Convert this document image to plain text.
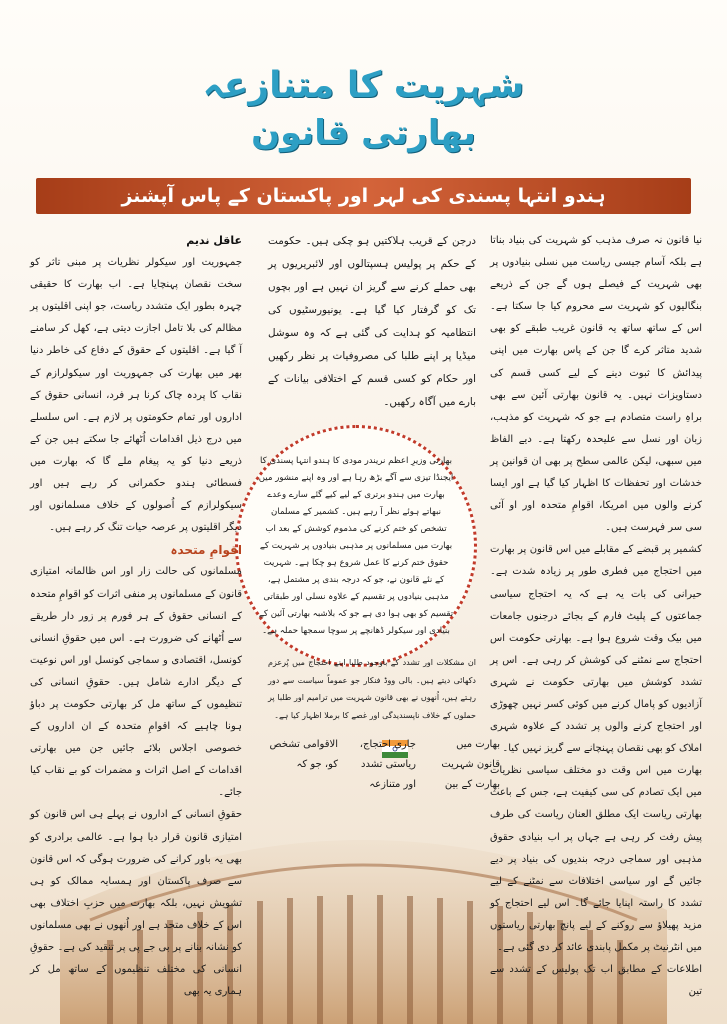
شہریت کا متنازعہ
بھارتی قانون
ہندو انتہا پسندی کی لہر اور پاکستان کے پاس آپشنز

نیا قانون نہ صرف مذہب کو شہریت کی بنیاد بناتا ہے بلکہ آسام جیسی ریاست میں نسلی بنیادوں پر بھی شہریت کے فیصلے ہوں گے جن کے ذریعے بنگالیوں کو شہریت سے محروم کیا جا سکتا ہے۔ اس کے ساتھ ساتھ یہ قانون غریب طبقے کو بھی شدید متاثر کرے گا جن کے پاس بھارت میں اپنی پیدائش کا ثبوت دینے کے لیے کسی قسم کی دستاویزات نہیں۔ یہ قانون بھارتی آئین سے بھی براہِ راست متصادم ہے جو کہ شہریت کو مذہب، زبان اور نسل سے علیحدہ رکھتا ہے۔ دیے الفاظ میں سبھی، لیکن عالمی سطح پر بھی ان قوانین پر خدشات اور تحفظات کا اظہار کیا گیا ہے اور ایسا کرنے والوں میں امریکا، اقوامِ متحدہ اور او آئی سی سر فہرست ہیں۔

کشمیر پر قبضے کے مقابلے میں اس قانون پر بھارت میں احتجاج میں فطری طور پر زیادہ شدت ہے۔ حیرانی کی بات یہ ہے کہ یہ احتجاج سیاسی جماعتوں کے پلیٹ فارم کے بجائے درجنوں جامعات میں بیک وقت شروع ہوا ہے۔ بھارتی حکومت اس احتجاج سے نمٹنے کی کوشش کر رہی ہے۔ اس پر تشدد کوشش میں بھارتی حکومت نے شہری آزادیوں کو پامال کرنے میں کوئی کسر نہیں چھوڑی اور احتجاج کرنے والوں پر تشدد کے علاوہ شہری املاک کو بھی نقصان پہنچانے سے گریز نہیں کیا۔

بھارت میں اس وقت دو مختلف سیاسی نظریات میں ایک تصادم کی سی کیفیت ہے، جس کے باعث بھارتی ریاست ایک مطلق العنان ریاست کی طرف پیش رفت کر رہی ہے جہاں پر اب بنیادی حقوق مذہبی اور سماجی درجہ بندیوں کی بنیاد پر دیے جائیں گے اور سیاسی اختلافات سے نمٹنے کے لیے تشدد کا راستہ اپنایا جائے گا۔ اس لیے احتجاج کو مزید پھیلاؤ سے روکنے کے لیے پانچ بھارتی ریاستوں میں انٹرنیٹ پر مکمل پابندی عائد کر دی گئی ہے۔

اطلاعات کے مطابق اب تک پولیس کے تشدد سے تین

درجن کے قریب ہلاکتیں ہو چکی ہیں۔ حکومت کے حکم پر پولیس ہسپتالوں اور لائبریریوں پر بھی حملے کرنے سے گریز ان نہیں ہے اور بچوں تک کو گرفتار کیا گیا ہے۔ یونیورسٹیوں کی انتظامیہ کو ہدایت کی گئی ہے کہ وہ سوشل میڈیا پر اپنے طلبا کی مصروفیات پر نظر رکھیں اور حکام کو کسی قسم کے اختلافی بیانات کے بارے میں آگاہ رکھیں۔

بھارتی وزیرِ اعظم نریندر مودی کا ہندو انتہا پسندی کا ایجنڈا تیزی سے آگے بڑھ رہا ہے اور وہ اپنے منشور میں بھارت میں ہندو برتری کے لیے کیے گئے سارے وعدے نبھاتے ہوئے نظر آ رہے ہیں۔ کشمیر کے مسلمان تشخص کو ختم کرنے کی مذموم کوشش کے بعد اب بھارت میں مسلمانوں پر مذہبی بنیادوں پر شہریت کے حقوق ختم کرنے کا عمل شروع ہو چکا ہے۔ شہریت کے نئے قانون نے، جو کہ درجہ بندی پر مشتمل ہے، مذہبی بنیادوں پر تقسیم کے علاوہ نسلی اور طبقاتی تقسیم کو بھی ہوا دی ہے جو کہ بلاشبہ بھارتی آئین کے بنیادی اور سیکولر ڈھانچے پر سوچا سمجھا حملہ ہے۔

ان مشکلات اور تشدد کے باوجود طلبا اپنے احتجاج میں پُرعزم دکھائی دیتے ہیں۔ بالی ووڈ فنکار جو عموماً سیاست سے دور رہتے ہیں، اُنھوں نے بھی قانون شہریت میں ترامیم اور طلبا پر حملوں کے خلاف ناپسندیدگی اور غصے کا برملا اظہار کیا ہے۔

بھارت میں قانون شہریت بھارت کے بین
جاری احتجاج، ریاستی تشدد اور متنازعہ
الاقوامی تشخص کو، جو کہ

عاقل ندیم

جمہوریت اور سیکولر نظریات پر مبنی تاثر کو سخت نقصان پہنچایا ہے۔ اب بھارت کا حقیقی چہرہ بطور ایک متشدد ریاست، جو اپنی اقلیتوں پر مظالم کی بلا تامل اجازت دیتی ہے، کھل کر سامنے آ گیا ہے۔ اقلیتوں کے حقوق کے دفاع کی خاطر دنیا بھر میں بھارت کی جمہوریت اور سیکولرازم کے نقاب کا پردہ چاک کرنا ہر فرد، انسانی حقوق کے اداروں اور تمام حکومتوں پر لازم ہے۔ اس سلسلے میں درج ذیل اقدامات اُٹھائے جا سکتے ہیں جن کے ذریعے دنیا کو یہ پیغام ملے گا کہ بھارت میں فسطائی ہندو حکمرانی کر رہے ہیں اور سیکولرازم کے اُصولوں کے خلاف مسلمانوں اور دیگر اقلیتوں پر عرصہ حیات تنگ کر رہے ہیں۔

اقوامِ متحدہ

مسلمانوں کی حالت زار اور اس ظالمانہ امتیازی قانون کے مسلمانوں پر منفی اثرات کو اقوامِ متحدہ کے انسانی حقوق کے ہر فورم پر زور دار طریقے سے اُٹھانے کی ضرورت ہے۔ اس میں حقوقِ انسانی کونسل، اقتصادی و سماجی کونسل اور اس نوعیت کے دیگر ادارے شامل ہیں۔ حقوقِ انسانی کی تنظیموں کے ساتھ مل کر بھارتی حکومت پر دباؤ ہونا چاہیے کہ اقوامِ متحدہ کے ان اداروں کے خصوصی اجلاس بلائے جائیں جن میں بھارتی اقدامات کے اصل اثرات و مضمرات کو بے نقاب کیا جائے۔

حقوقِ انسانی کے اداروں نے پہلے ہی اس قانون کو امتیازی قانون قرار دیا ہوا ہے۔ عالمی برادری کو بھی یہ باور کرانے کی ضرورت ہوگی کہ اس قانون سے صرف پاکستان اور ہمسایہ ممالک کو ہی تشویش نہیں، بلکہ بھارت میں حزبِ اختلاف بھی اس کے خلاف متحد ہے اور اُنھوں نے بھی مسلمانوں کو نشانہ بنانے پر بی جے پی پر تنقید کی ہے۔ حقوقِ انسانی کی مختلف تنظیموں کے ساتھ مل کر ہماری یہ بھی
